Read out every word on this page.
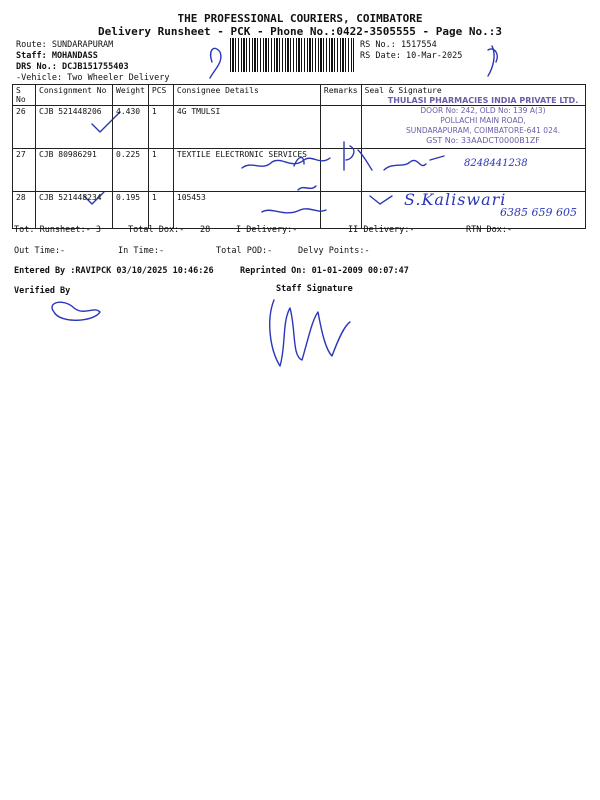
THE PROFESSIONAL COURIERS, COIMBATORE
Delivery Runsheet - PCK - Phone No.:0422-3505555 - Page No.:3
Route: SUNDARAPURAM
Staff: MOHANDASS
DRS No.: DCJB151755403
-Vehicle: Two Wheeler Delivery
RS No.: 1517554
RS Date: 10-Mar-2025
S No	Consignment No	Weight	PCS	Consignee Details	Remarks	Seal & Signature
26	CJB 521448206	4.430	1	4G TMULSI		
27	CJB 80986291	0.225	1	TEXTILE ELECTRONIC SERVICES		
28	CJB 521448234	0.195	1	105453		
THULASI PHARMACIES INDIA PRIVATE LTD.
DOOR No: 242, OLD No: 139 A(3)
POLLACHI MAIN ROAD,
SUNDARAPURAM, COIMBATORE-641 024.
GST No: 33AADCT0000B1ZF
8248441238
S.Kaliswari
6385 659 605
Tot. Runsheet:- 3	Total Dox:- 28	I Delivery:-	II Delivery:-	RTN Dox:-
Out Time:-	In Time:-	Total POD:-	Delvy Points:-
Entered By :RAVIPCK 03/10/2025 10:46:26	Reprinted On: 01-01-2009 00:07:47
Verified By	Staff Signature
